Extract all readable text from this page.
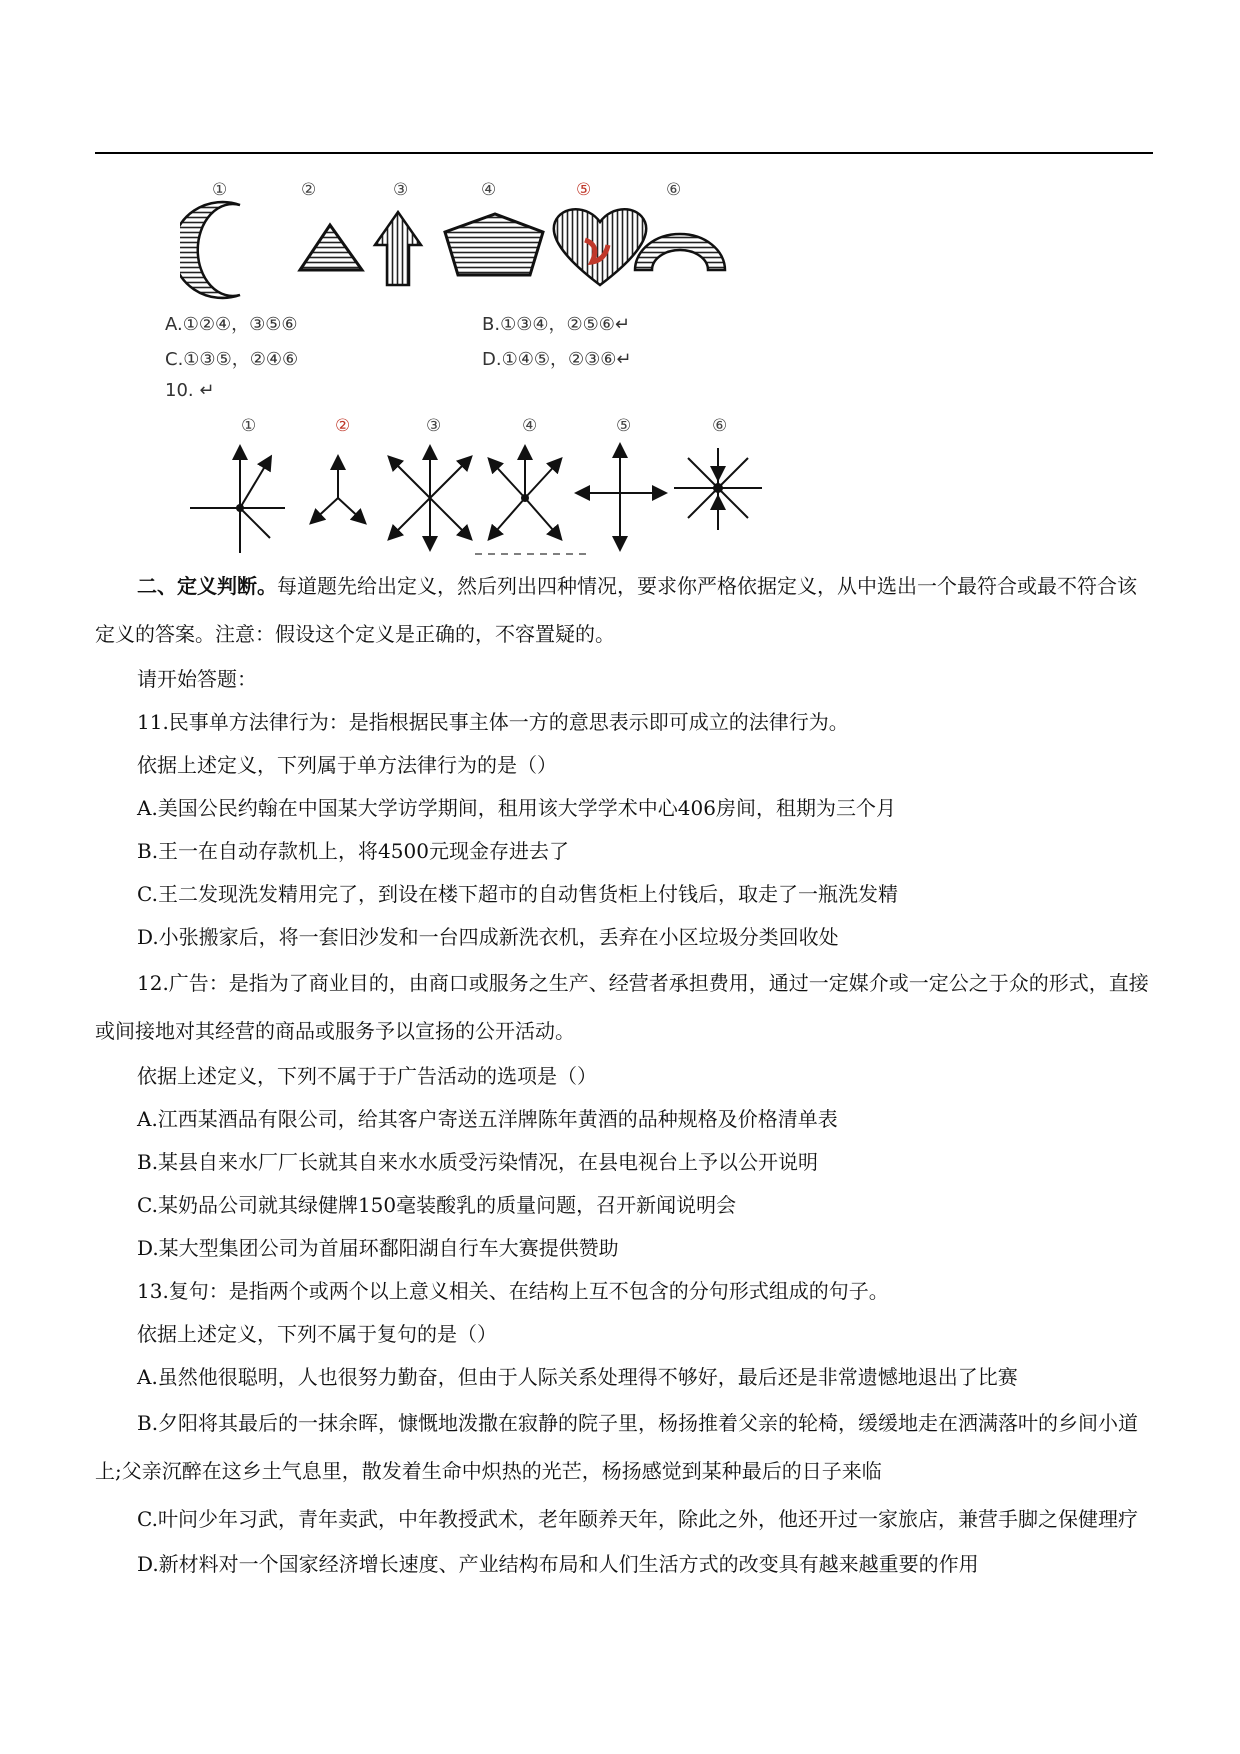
①	②	③	④	⑤	⑥
A.①②④，③⑤⑥	B.①③④，②⑤⑥↵
C.①③⑤，②④⑥	D.①④⑤，②③⑥↵
10. ↵
①	②	③	④	⑤	⑥

二、定义判断。每道题先给出定义，然后列出四种情况，要求你严格依据定义，从中选出一个最符合或最不符合该定义的答案。注意：假设这个定义是正确的，不容置疑的。

请开始答题：

11.民事单方法律行为：是指根据民事主体一方的意思表示即可成立的法律行为。

依据上述定义，下列属于单方法律行为的是（）

A.美国公民约翰在中国某大学访学期间，租用该大学学术中心406房间，租期为三个月

B.王一在自动存款机上，将4500元现金存进去了

C.王二发现洗发精用完了，到设在楼下超市的自动售货柜上付钱后，取走了一瓶洗发精

D.小张搬家后，将一套旧沙发和一台四成新洗衣机，丢弃在小区垃圾分类回收处

12.广告：是指为了商业目的，由商口或服务之生产、经营者承担费用，通过一定媒介或一定公之于众的形式，直接或间接地对其经营的商品或服务予以宣扬的公开活动。

依据上述定义，下列不属于于广告活动的选项是（）

A.江西某酒品有限公司，给其客户寄送五洋牌陈年黄酒的品种规格及价格清单表

B.某县自来水厂厂长就其自来水水质受污染情况，在县电视台上予以公开说明

C.某奶品公司就其绿健牌150毫装酸乳的质量问题，召开新闻说明会

D.某大型集团公司为首届环鄱阳湖自行车大赛提供赞助

13.复句：是指两个或两个以上意义相关、在结构上互不包含的分句形式组成的句子。

依据上述定义，下列不属于复句的是（）

A.虽然他很聪明，人也很努力勤奋，但由于人际关系处理得不够好，最后还是非常遗憾地退出了比赛

B.夕阳将其最后的一抹余晖，慷慨地泼撒在寂静的院子里，杨扬推着父亲的轮椅，缓缓地走在洒满落叶的乡间小道上;父亲沉醉在这乡土气息里，散发着生命中炽热的光芒，杨扬感觉到某种最后的日子来临

C.叶问少年习武，青年卖武，中年教授武术，老年颐养天年，除此之外，他还开过一家旅店，兼营手脚之保健理疗

D.新材料对一个国家经济增长速度、产业结构布局和人们生活方式的改变具有越来越重要的作用
